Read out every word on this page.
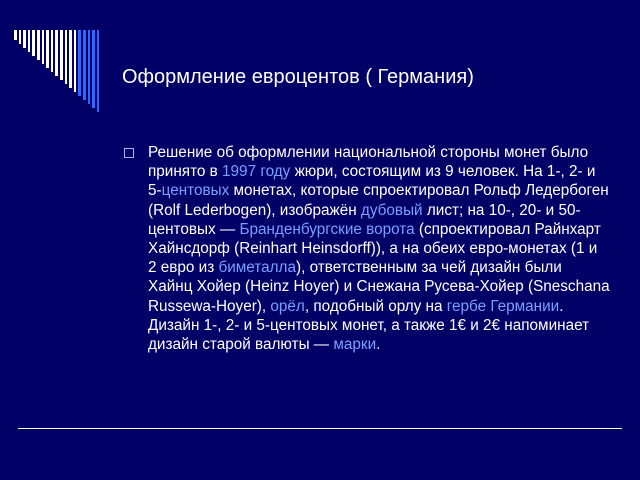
Оформление евроцентов ( Германия)
Решение об оформлении национальной стороны монет было принято в 1997 году жюри, состоящим из 9 человек. На 1-, 2- и 5-центовых монетах, которые спроектировал Рольф Ледербоген (Rolf Lederbogen), изображён дубовый лист; на 10-, 20- и 50-центовых — Бранденбургские ворота (спроектировал Райнхарт Хайнсдорф (Reinhart Heinsdorff)), а на обеих евро-монетах (1 и 2 евро из биметалла), ответственным за чей дизайн были Хайнц Хойер (Heinz Hoyer) и Снежана Русева-Хойер (Sneschana Russewa-Hoyer), орёл, подобный орлу на гербе Германии. Дизайн 1-, 2- и 5-центовых монет, а также 1€ и 2€ напоминает дизайн старой валюты — марки.
